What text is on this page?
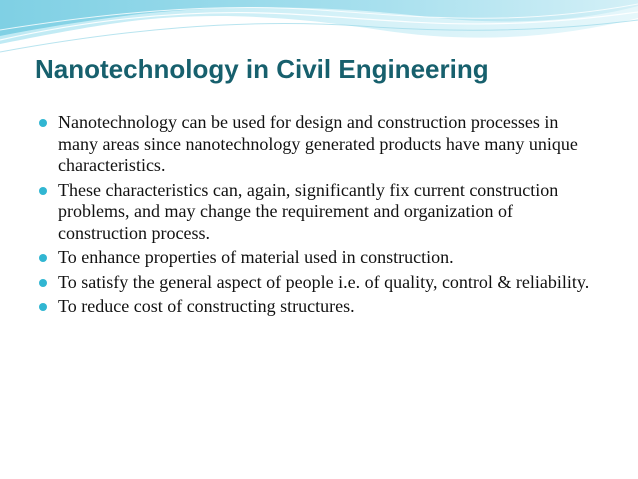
Nanotechnology in Civil Engineering
Nanotechnology can be used for design and construction processes in many areas since nanotechnology generated products have many unique characteristics.
These characteristics can, again, significantly fix current construction problems, and may change the requirement and organization of construction process.
To enhance properties of material used in construction.
To satisfy the general aspect of people i.e. of quality, control & reliability.
To reduce cost of constructing structures.
